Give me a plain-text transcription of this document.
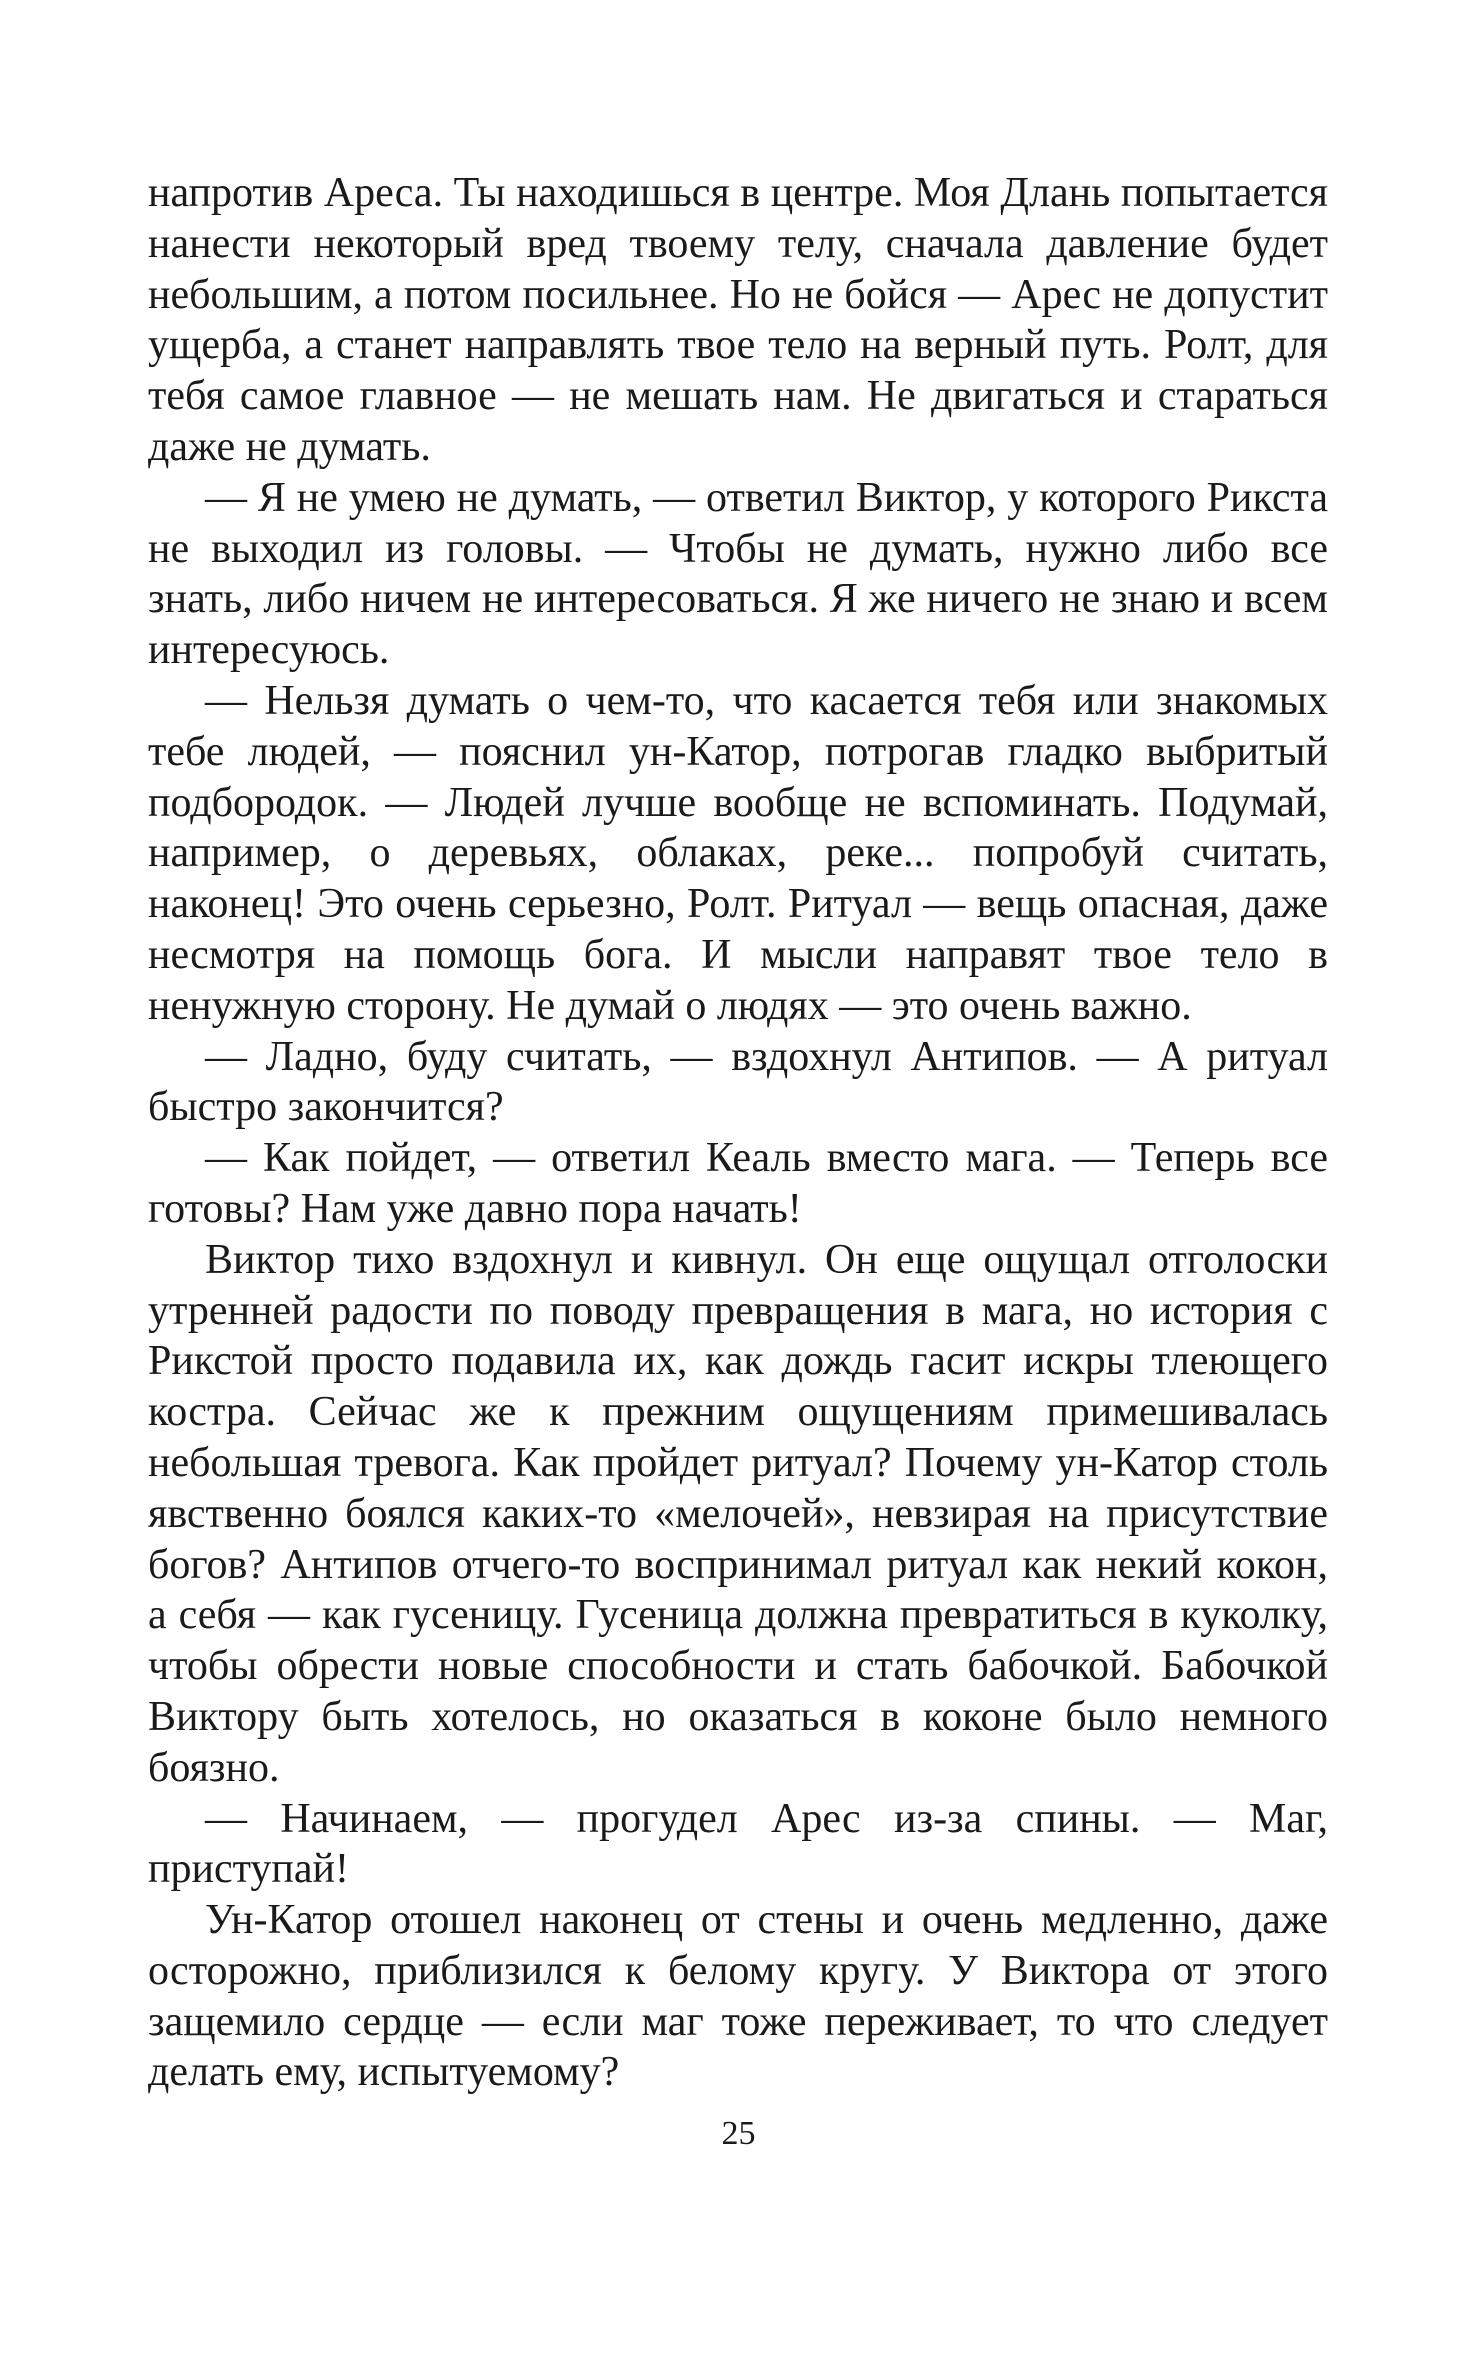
напротив Ареса. Ты находишься в центре. Моя Длань попытается нанести некоторый вред твоему телу, сначала давление будет небольшим, а потом посильнее. Но не бойся — Арес не допустит ущерба, а станет направлять твое тело на верный путь. Ролт, для тебя самое главное — не мешать нам. Не двигаться и стараться даже не думать.

— Я не умею не думать, — ответил Виктор, у которого Рикста не выходил из головы. — Чтобы не думать, нужно либо все знать, либо ничем не интересоваться. Я же ничего не знаю и всем интересуюсь.

— Нельзя думать о чем-то, что касается тебя или знакомых тебе людей, — пояснил ун-Катор, потрогав гладко выбритый подбородок. — Людей лучше вообще не вспоминать. Подумай, например, о деревьях, облаках, реке... попробуй считать, наконец! Это очень серьезно, Ролт. Ритуал — вещь опасная, даже несмотря на помощь бога. И мысли направят твое тело в ненужную сторону. Не думай о людях — это очень важно.

— Ладно, буду считать, — вздохнул Антипов. — А ритуал быстро закончится?

— Как пойдет, — ответил Кеаль вместо мага. — Теперь все готовы? Нам уже давно пора начать!

Виктор тихо вздохнул и кивнул. Он еще ощущал отголоски утренней радости по поводу превращения в мага, но история с Рикстой просто подавила их, как дождь гасит искры тлеющего костра. Сейчас же к прежним ощущениям примешивалась небольшая тревога. Как пройдет ритуал? Почему ун-Катор столь явственно боялся каких-то «мелочей», невзирая на присутствие богов? Антипов отчего-то воспринимал ритуал как некий кокон, а себя — как гусеницу. Гусеница должна превратиться в куколку, чтобы обрести новые способности и стать бабочкой. Бабочкой Виктору быть хотелось, но оказаться в коконе было немного боязно.

— Начинаем, — прогудел Арес из-за спины. — Маг, приступай!

Ун-Катор отошел наконец от стены и очень медленно, даже осторожно, приблизился к белому кругу. У Виктора от этого защемило сердце — если маг тоже переживает, то что следует делать ему, испытуемому?

25
